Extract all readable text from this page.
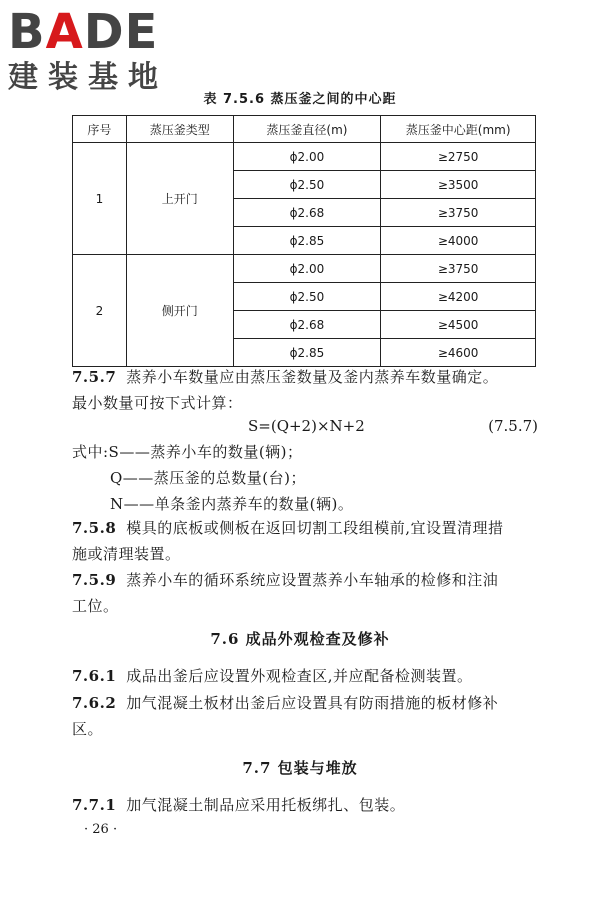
BADE
建装基地
表 7.5.6 蒸压釜之间的中心距
序号	蒸压釜类型	蒸压釜直径(m)	蒸压釜中心距(mm)
1	上开门	ϕ2.00	≥2750
		ϕ2.50	≥3500
		ϕ2.68	≥3750
		ϕ2.85	≥4000
2	侧开门	ϕ2.00	≥3750
		ϕ2.50	≥4200
		ϕ2.68	≥4500
		ϕ2.85	≥4600
7.5.7 蒸养小车数量应由蒸压釜数量及釜内蒸养车数量确定。
最小数量可按下式计算：
S=(Q+2)×N+2	(7.5.7)
式中:S——蒸养小车的数量(辆)；
Q——蒸压釜的总数量(台)；
N——单条釜内蒸养车的数量(辆)。
7.5.8 模具的底板或侧板在返回切割工段组模前,宜设置清理措
施或清理装置。
7.5.9 蒸养小车的循环系统应设置蒸养小车轴承的检修和注油
工位。
7.6 成品外观检查及修补
7.6.1 成品出釜后应设置外观检查区,并应配备检测装置。
7.6.2 加气混凝土板材出釜后应设置具有防雨措施的板材修补
区。
7.7 包装与堆放
7.7.1 加气混凝土制品应采用托板绑扎、包装。
· 26 ·
